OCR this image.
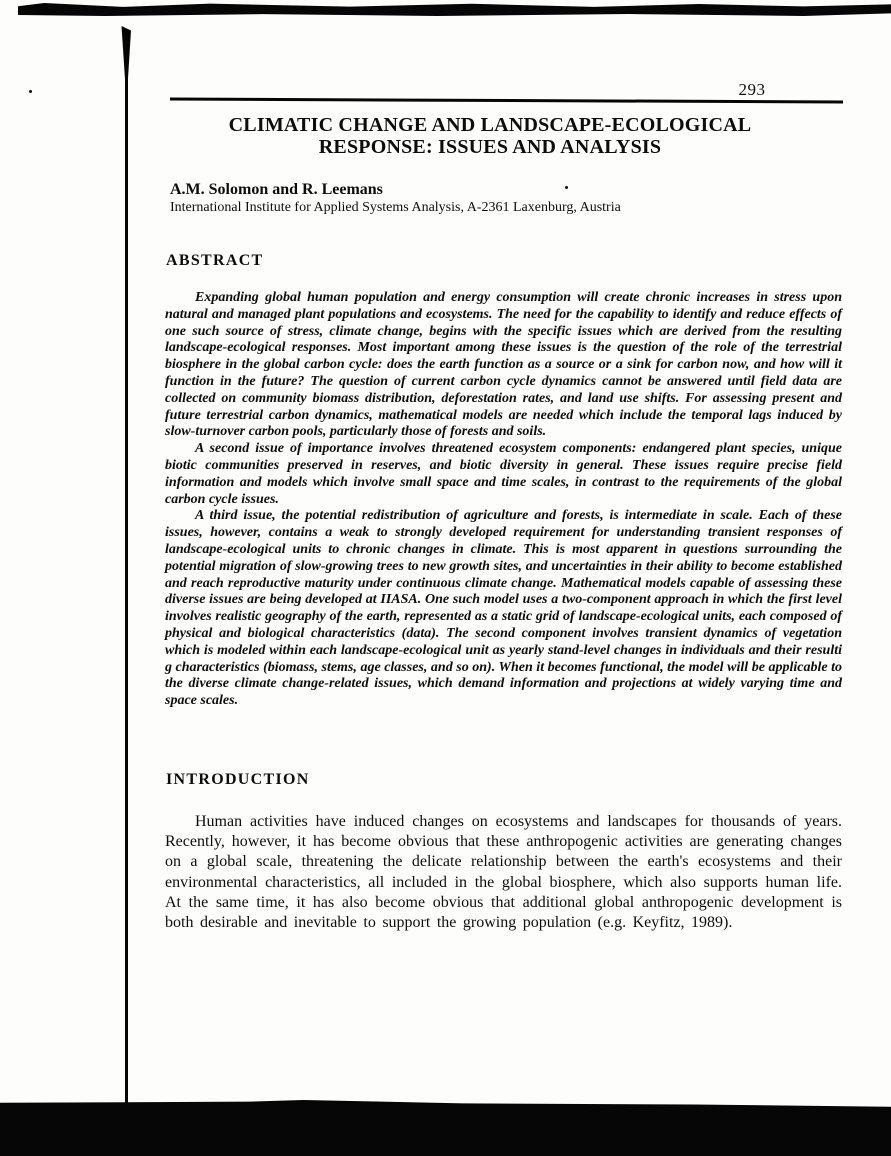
293
CLIMATIC CHANGE AND LANDSCAPE-ECOLOGICAL
RESPONSE: ISSUES AND ANALYSIS
A.M. Solomon and R. Leemans
International Institute for Applied Systems Analysis, A-2361 Laxenburg, Austria
ABSTRACT

Expanding global human population and energy consumption will create chronic increases in stress upon natural and managed plant populations and ecosystems. The need for the capability to identify and reduce effects of one such source of stress, climate change, begins with the specific issues which are derived from the resulting landscape-ecological responses. Most important among these issues is the question of the role of the terrestrial biosphere in the global carbon cycle: does the earth function as a source or a sink for carbon now, and how will it function in the future? The question of current carbon cycle dynamics cannot be answered until field data are collected on community biomass distribution, deforestation rates, and land use shifts. For assessing present and future terrestrial carbon dynamics, mathematical models are needed which include the temporal lags induced by slow-turnover carbon pools, particularly those of forests and soils.

A second issue of importance involves threatened ecosystem components: endangered plant species, unique biotic communities preserved in reserves, and biotic diversity in general. These issues require precise field information and models which involve small space and time scales, in contrast to the requirements of the global carbon cycle issues.

A third issue, the potential redistribution of agriculture and forests, is intermediate in scale. Each of these issues, however, contains a weak to strongly developed requirement for understanding transient responses of landscape-ecological units to chronic changes in climate. This is most apparent in questions surrounding the potential migration of slow-growing trees to new growth sites, and uncertainties in their ability to become established and reach reproductive maturity under continuous climate change. Mathematical models capable of assessing these diverse issues are being developed at IIASA. One such model uses a two-component approach in which the first level involves realistic geography of the earth, represented as a static grid of landscape-ecological units, each composed of physical and biological characteristics (data). The second component involves transient dynamics of vegetation which is modeled within each landscape-ecological unit as yearly stand-level changes in individuals and their resulti g characteristics (biomass, stems, age classes, and so on). When it becomes functional, the model will be applicable to the diverse climate change-related issues, which demand information and projections at widely varying time and space scales.

INTRODUCTION

Human activities have induced changes on ecosystems and landscapes for thousands of years. Recently, however, it has become obvious that these anthropogenic activities are generating changes on a global scale, threatening the delicate relationship between the earth's ecosystems and their environmental characteristics, all included in the global biosphere, which also supports human life. At the same time, it has also become obvious that additional global anthropogenic development is both desirable and inevitable to support the growing population (e.g. Keyfitz, 1989).
